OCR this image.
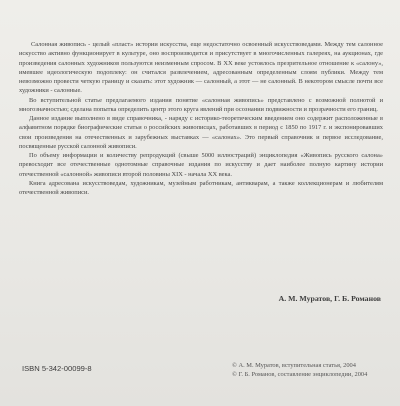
Салонная живопись - целый «пласт» истории искусства, еще недостаточно освоенный искусствоведами. Между тем салонное искусство активно функционирует в культуре, оно воспроизводится и присутствует в многочисленных галереях, на аукционах, где произведения салонных художников пользуются неизменным спросом. В XX веке устоялось презрительное отношение к «салону», имевшее идеологическую подоплеку: он считался развлечением, адресованным определенным слоям публики. Между тем невозможно провести четкую границу и сказать: этот художник — салонный, а этот — не салонный. В некотором смысле почти все художники - салонные.

Во вступительной статье предлагаемого издания понятие «салонная живопись» представлено с возможной полнотой и многозначностью; сделана попытка определить центр этого круга явлений при осознании подвижности и прозрачности его границ.

Данное издание выполнено в виде справочника, - наряду с историко-теоретическим введением оно содержит расположенные в алфавитном порядке биографические статьи о российских живописцах, работавших в период с 1850 по 1917 г. и экспонировавших свои произведения на отечественных и зарубежных выставках — «салонах». Это первый справочник и первое исследование, посвященные русской салонной живописи.

По объему информации и количеству репродукций (свыше 5000 иллюстраций) энциклопедия «Живопись русского салона» превосходит все отечественные однотомные справочные издания по искусству и дает наиболее полную картину истории отечественной «салонной» живописи второй половины XIX - начала XX века.

Книга адресована искусствоведам, художникам, музейным работникам, антикварам, а также коллекционерам и любителям отечественной живописи.

А. М. Муратов, Г. Б. Романов
ISBN 5-342-00099-8	© А. М. Муратов, вступительная статья, 2004
© Г. Б. Романов, составление энциклопедии, 2004
